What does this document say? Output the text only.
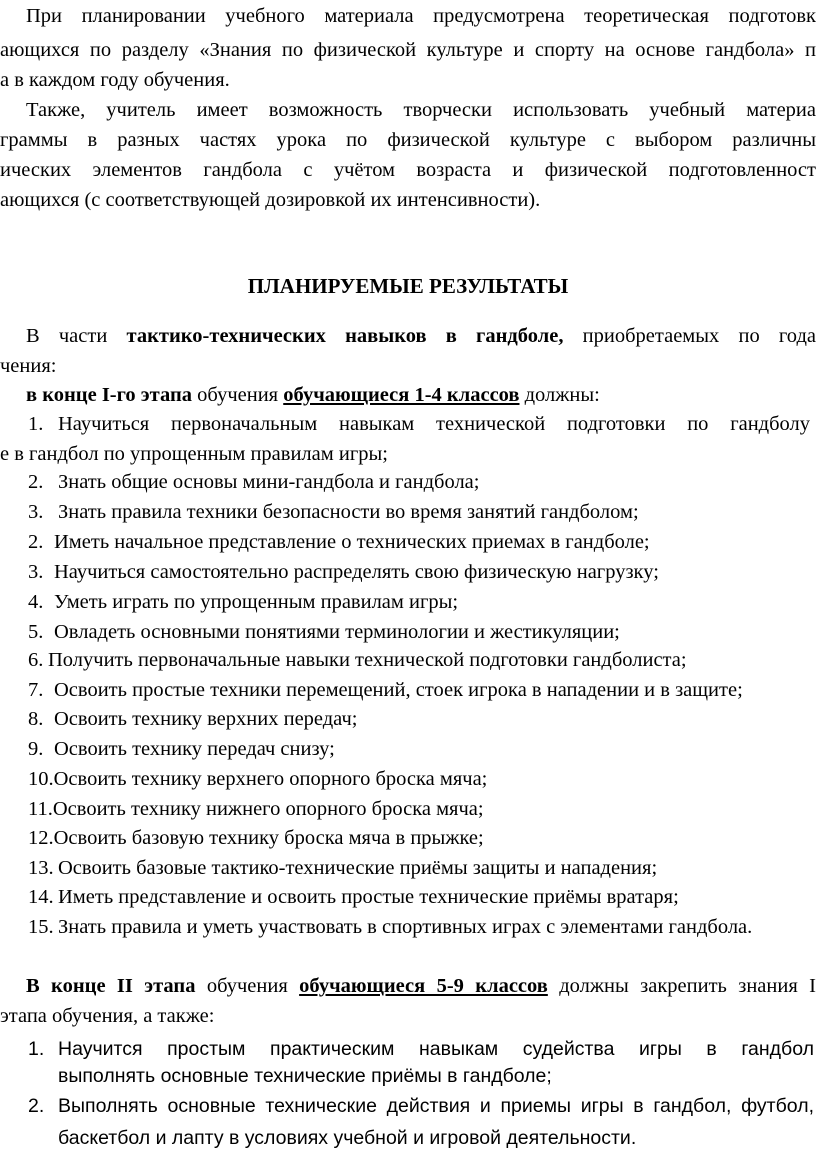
При планировании учебного материала предусмотрена теоретическая подготовк
ающихся по разделу «Знания по физической культуре и спорту на основе гандбола» п
а в каждом году обучения.
Также, учитель имеет возможность творчески использовать учебный материа
граммы в разных частях урока по физической культуре с выбором различны
ических элементов гандбола с учётом возраста и физической подготовленност
ающихся (с соответствующей дозировкой их интенсивности).
ПЛАНИРУЕМЫЕ РЕЗУЛЬТАТЫ
В части тактико-технических навыков в гандболе, приобретаемых по года
чения:
в конце I-го этапа обучения обучающиеся 1-4 классов должны:
1. Научиться первоначальным навыкам технической подготовки по гандболу
е в гандбол по упрощенным правилам игры;
2. Знать общие основы мини-гандбола и гандбола;
3. Знать правила техники безопасности во время занятий гандболом;
2. Иметь начальное представление о технических приемах в гандболе;
3. Научиться самостоятельно распределять свою физическую нагрузку;
4. Уметь играть по упрощенным правилам игры;
5. Овладеть основными понятиями терминологии и жестикуляции;
6. Получить первоначальные навыки технической подготовки гандболиста;
7. Освоить простые техники перемещений, стоек игрока в нападении и в защите;
8. Освоить технику верхних передач;
9. Освоить технику передач снизу;
10.Освоить технику верхнего опорного броска мяча;
11.Освоить технику нижнего опорного броска мяча;
12.Освоить базовую технику броска мяча в прыжке;
13. Освоить базовые тактико-технические приёмы защиты и нападения;
14. Иметь представление и освоить простые технические приёмы вратаря;
15. Знать правила и уметь участвовать в спортивных играх с элементами гандбола.
В конце II этапа обучения обучающиеся 5-9 классов должны закрепить знания I
этапа обучения, а также:
1. Научится простым практическим навыкам судейства игры в гандбол
выполнять основные технические приёмы в гандболе;
2. Выполнять основные технические действия и приемы игры в гандбол, футбол,
баскетбол и лапту в условиях учебной и игровой деятельности.
